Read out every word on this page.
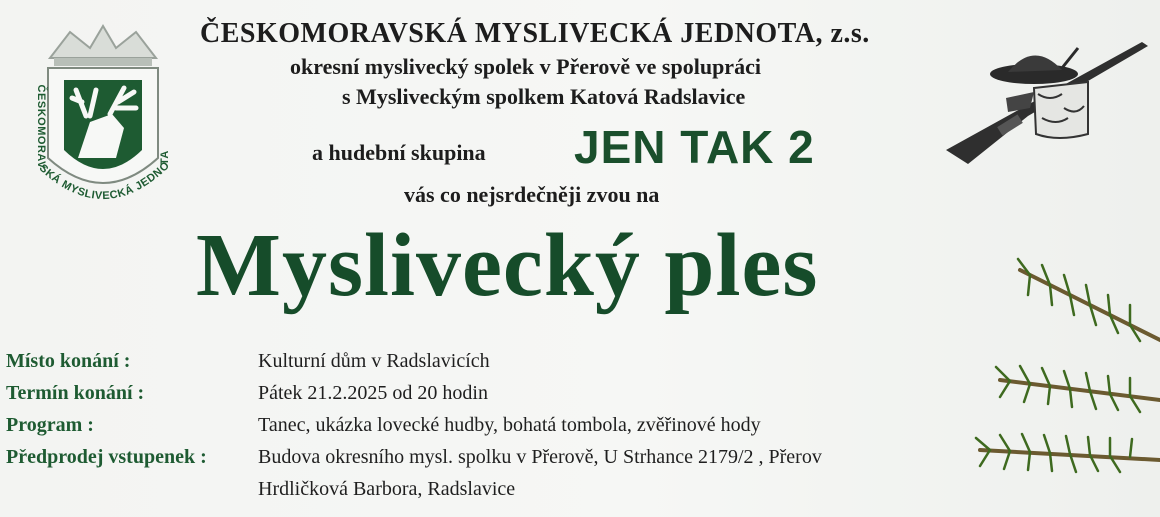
ČESKOMORAVSKÁ MYSLIVECKÁ JEDNOTA
ČESKOMORAVSKÁ MYSLIVECKÁ JEDNOTA, z.s.
okresní myslivecký spolek v Přerově ve spolupráci
s Mysliveckým spolkem Katová Radslavice
a hudební skupina JEN TAK 2
vás co nejsrdečněji zvou na
Myslivecký ples
Místo konání :	Kulturní dům v Radslavicích
Termín konání :	Pátek 21.2.2025 od 20 hodin
Program :	Tanec, ukázka lovecké hudby, bohatá tombola, zvěřinové hody
Předprodej vstupenek :	Budova okresního mysl. spolku v Přerově, U Strhance 2179/2 , Přerov
Hrdličková Barbora, Radslavice
